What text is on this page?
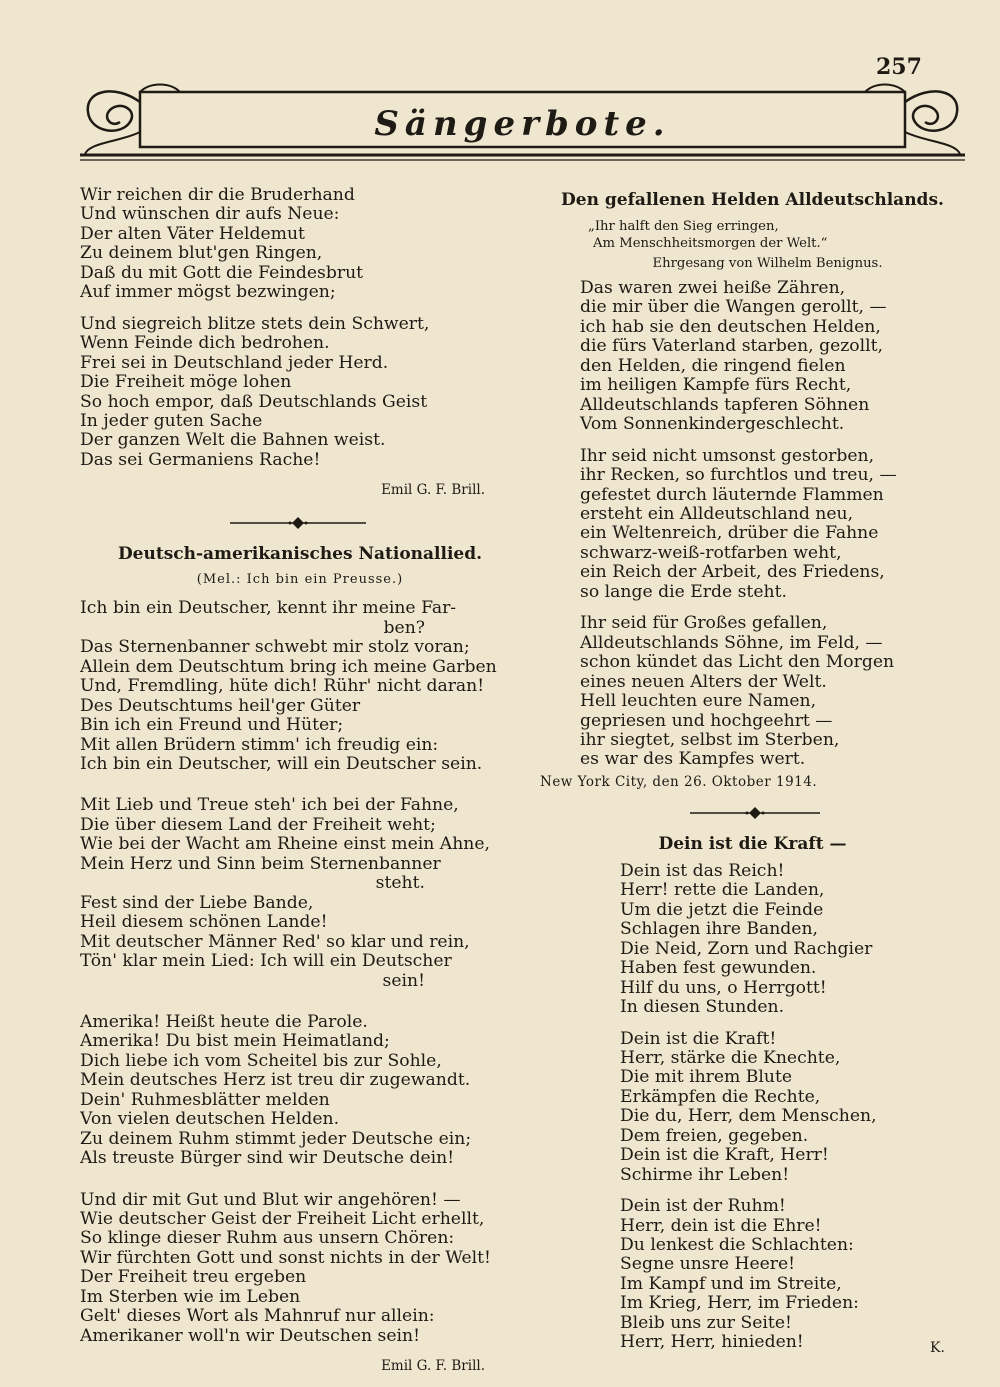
257
Sängerbote.
Wir reichen dir die Bruderhand
Und wünschen dir aufs Neue:
Der alten Väter Heldemut
Zu deinem blut'gen Ringen,
Daß du mit Gott die Feindesbrut
Auf immer mögst bezwingen;
Und siegreich blitze stets dein Schwert,
Wenn Feinde dich bedrohen.
Frei sei in Deutschland jeder Herd.
Die Freiheit möge lohen
So hoch empor, daß Deutschlands Geist
In jeder guten Sache
Der ganzen Welt die Bahnen weist.
Das sei Germaniens Rache!
Emil G. F. Brill.
Deutsch-amerikanisches Nationallied.
(Mel.: Ich bin ein Preusse.)
Ich bin ein Deutscher, kennt ihr meine Far-
ben?
Das Sternenbanner schwebt mir stolz voran;
Allein dem Deutschtum bring ich meine Garben
Und, Fremdling, hüte dich! Rühr' nicht daran!
Des Deutschtums heil'ger Güter
Bin ich ein Freund und Hüter;
Mit allen Brüdern stimm' ich freudig ein:
Ich bin ein Deutscher, will ein Deutscher sein.
Mit Lieb und Treue steh' ich bei der Fahne,
Die über diesem Land der Freiheit weht;
Wie bei der Wacht am Rheine einst mein Ahne,
Mein Herz und Sinn beim Sternenbanner
steht.
Fest sind der Liebe Bande,
Heil diesem schönen Lande!
Mit deutscher Männer Red' so klar und rein,
Tön' klar mein Lied: Ich will ein Deutscher
sein!
Amerika! Heißt heute die Parole.
Amerika! Du bist mein Heimatland;
Dich liebe ich vom Scheitel bis zur Sohle,
Mein deutsches Herz ist treu dir zugewandt.
Dein' Ruhmesblätter melden
Von vielen deutschen Helden.
Zu deinem Ruhm stimmt jeder Deutsche ein;
Als treuste Bürger sind wir Deutsche dein!
Und dir mit Gut und Blut wir angehören! —
Wie deutscher Geist der Freiheit Licht erhellt,
So klinge dieser Ruhm aus unsern Chören:
Wir fürchten Gott und sonst nichts in der Welt!
Der Freiheit treu ergeben
Im Sterben wie im Leben
Gelt' dieses Wort als Mahnruf nur allein:
Amerikaner woll'n wir Deutschen sein!
Emil G. F. Brill.
Den gefallenen Helden Alldeutschlands.
„Ihr halft den Sieg erringen,
Am Menschheitsmorgen der Welt.“
Ehrgesang von Wilhelm Benignus.
Das waren zwei heiße Zähren,
die mir über die Wangen gerollt, —
ich hab sie den deutschen Helden,
die fürs Vaterland starben, gezollt,
den Helden, die ringend fielen
im heiligen Kampfe fürs Recht,
Alldeutschlands tapferen Söhnen
Vom Sonnenkindergeschlecht.
Ihr seid nicht umsonst gestorben,
ihr Recken, so furchtlos und treu, —
gefestet durch läuternde Flammen
ersteht ein Alldeutschland neu,
ein Weltenreich, drüber die Fahne
schwarz-weiß-rotfarben weht,
ein Reich der Arbeit, des Friedens,
so lange die Erde steht.
Ihr seid für Großes gefallen,
Alldeutschlands Söhne, im Feld, —
schon kündet das Licht den Morgen
eines neuen Alters der Welt.
Hell leuchten eure Namen,
gepriesen und hochgeehrt —
ihr siegtet, selbst im Sterben,
es war des Kampfes wert.
New York City, den 26. Oktober 1914.
Dein ist die Kraft —
Dein ist das Reich!
Herr! rette die Landen,
Um die jetzt die Feinde
Schlagen ihre Banden,
Die Neid, Zorn und Rachgier
Haben fest gewunden.
Hilf du uns, o Herrgott!
In diesen Stunden.
Dein ist die Kraft!
Herr, stärke die Knechte,
Die mit ihrem Blute
Erkämpfen die Rechte,
Die du, Herr, dem Menschen,
Dem freien, gegeben.
Dein ist die Kraft, Herr!
Schirme ihr Leben!
Dein ist der Ruhm!
Herr, dein ist die Ehre!
Du lenkest die Schlachten:
Segne unsre Heere!
Im Kampf und im Streite,
Im Krieg, Herr, im Frieden:
Bleib uns zur Seite!
Herr, Herr, hinieden!	K.
